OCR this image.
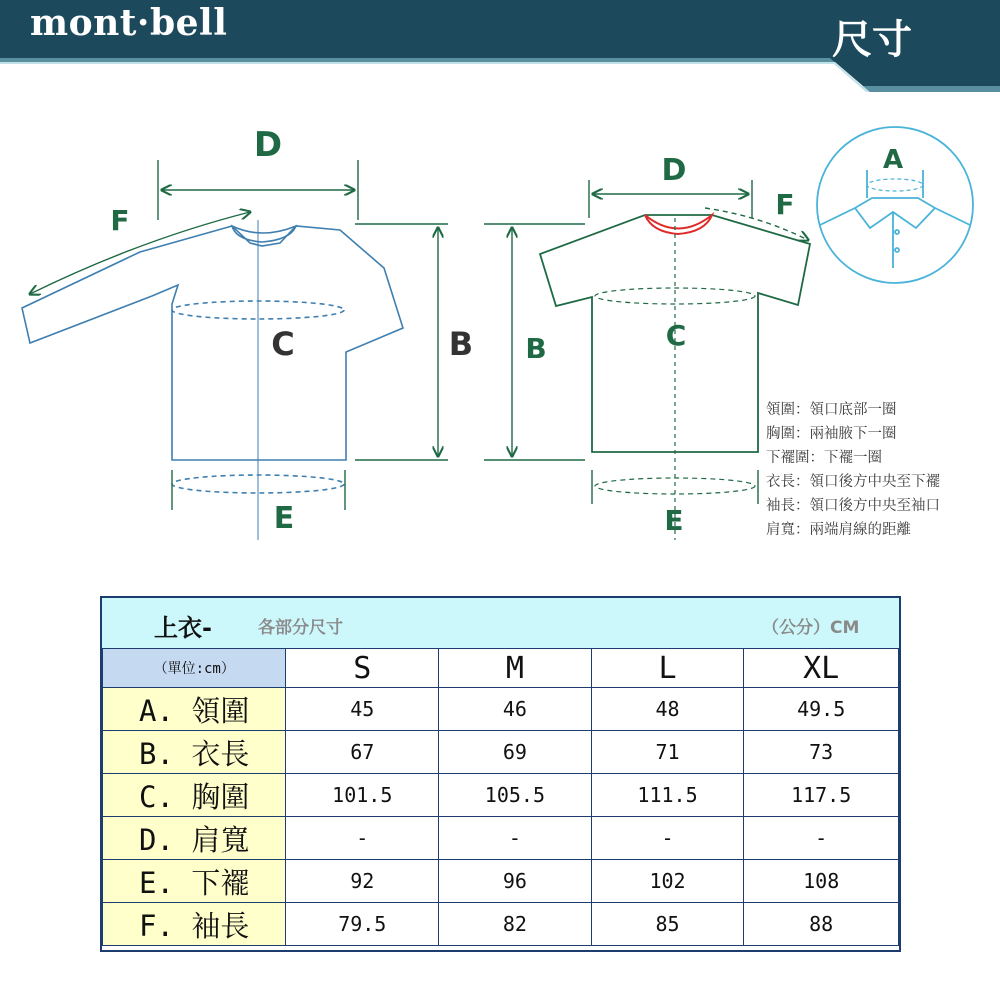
mont·bell	尺寸
D
F
C	B
E
D
F
C
B
E
A
領圍：領口底部一圈
胸圍：兩袖腋下一圈
下襬圍：下襬一圈
衣長：領口後方中央至下襬
袖長：領口後方中央至袖口
肩寬：兩端肩線的距離
上衣-	各部分尺寸	（公分）CM
（單位:cm）	S	M	L	XL
A. 領圍	45	46	48	49.5
B. 衣長	67	69	71	73
C. 胸圍	101.5	105.5	111.5	117.5
D. 肩寬	-	-	-	-
E. 下襬	92	96	102	108
F. 袖長	79.5	82	85	88
